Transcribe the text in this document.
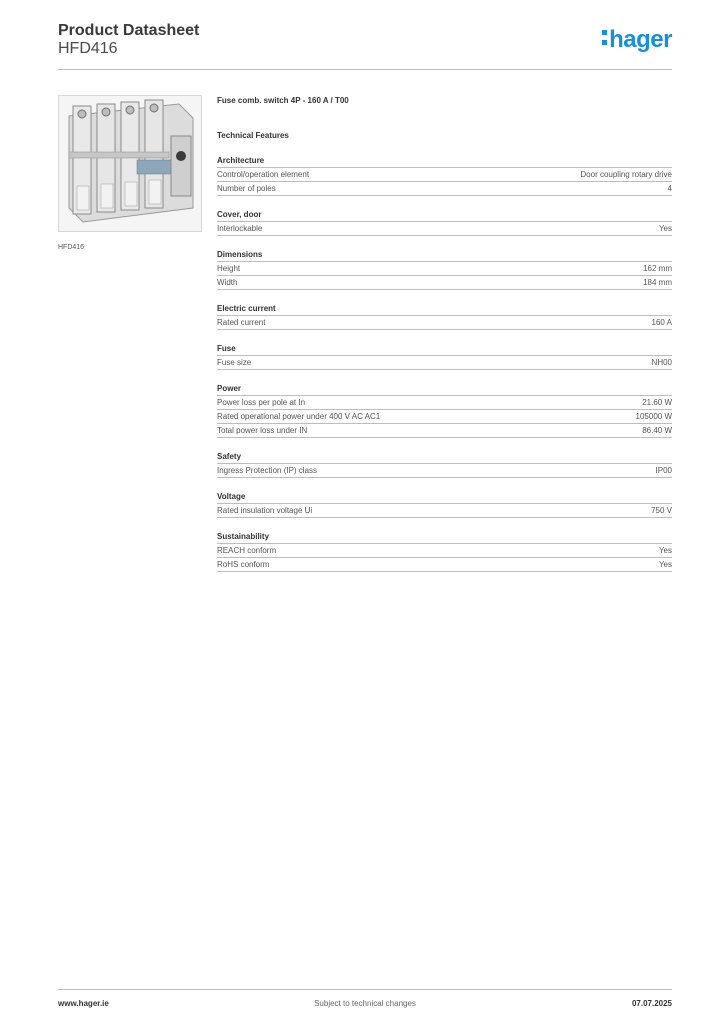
Product Datasheet
HFD416	hager
HFD416
Fuse comb. switch 4P - 160 A / T00
Technical Features
Architecture
Control/operation element	Door coupling rotary drive
Number of poles	4
Cover, door
Interlockable	Yes
Dimensions
Height	162 mm
Width	184 mm
Electric current
Rated current	160 A
Fuse
Fuse size	NH00
Power
Power loss per pole at In	21.60 W
Rated operational power under 400 V AC AC1	105000 W
Total power loss under IN	86.40 W
Safety
Ingress Protection (IP) class	IP00
Voltage
Rated insulation voltage Ui	750 V
Sustainability
REACH conform	Yes
RoHS conform	Yes
www.hager.ie	Subject to technical changes	07.07.2025
